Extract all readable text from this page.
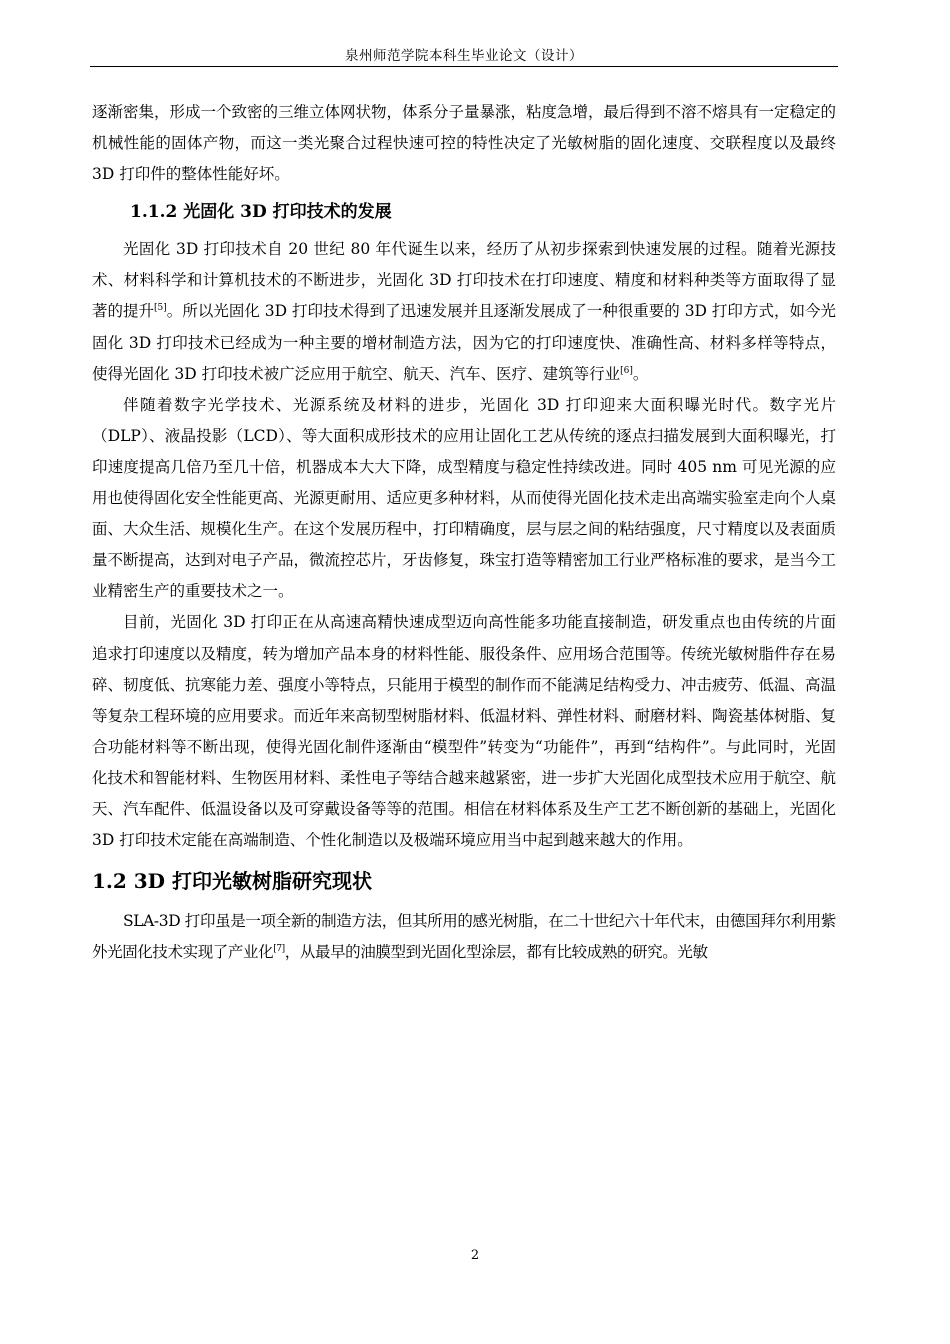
泉州师范学院本科生毕业论文（设计）

逐渐密集，形成一个致密的三维立体网状物，体系分子量暴涨，粘度急增，最后得到不溶不熔具有一定稳定的机械性能的固体产物，而这一类光聚合过程快速可控的特性决定了光敏树脂的固化速度、交联程度以及最终 3D 打印件的整体性能好坏。

1.1.2 光固化 3D 打印技术的发展

光固化 3D 打印技术自 20 世纪 80 年代诞生以来，经历了从初步探索到快速发展的过程。随着光源技术、材料科学和计算机技术的不断进步，光固化 3D 打印技术在打印速度、精度和材料种类等方面取得了显著的提升[5]。所以光固化 3D 打印技术得到了迅速发展并且逐渐发展成了一种很重要的 3D 打印方式，如今光固化 3D 打印技术已经成为一种主要的增材制造方法，因为它的打印速度快、准确性高、材料多样等特点，使得光固化 3D 打印技术被广泛应用于航空、航天、汽车、医疗、建筑等行业[6]。

伴随着数字光学技术、光源系统及材料的进步，光固化 3D 打印迎来大面积曝光时代。数字光片（DLP）、液晶投影（LCD）、等大面积成形技术的应用让固化工艺从传统的逐点扫描发展到大面积曝光，打印速度提高几倍乃至几十倍，机器成本大大下降，成型精度与稳定性持续改进。同时 405 nm 可见光源的应用也使得固化安全性能更高、光源更耐用、适应更多种材料，从而使得光固化技术走出高端实验室走向个人桌面、大众生活、规模化生产。在这个发展历程中，打印精确度，层与层之间的粘结强度，尺寸精度以及表面质量不断提高，达到对电子产品，微流控芯片，牙齿修复，珠宝打造等精密加工行业严格标准的要求，是当今工业精密生产的重要技术之一。

目前，光固化 3D 打印正在从高速高精快速成型迈向高性能多功能直接制造，研发重点也由传统的片面追求打印速度以及精度，转为增加产品本身的材料性能、服役条件、应用场合范围等。传统光敏树脂件存在易碎、韧度低、抗寒能力差、强度小等特点，只能用于模型的制作而不能满足结构受力、冲击疲劳、低温、高温等复杂工程环境的应用要求。而近年来高韧型树脂材料、低温材料、弹性材料、耐磨材料、陶瓷基体树脂、复合功能材料等不断出现，使得光固化制件逐渐由“模型件”转变为“功能件”，再到“结构件”。与此同时，光固化技术和智能材料、生物医用材料、柔性电子等结合越来越紧密，进一步扩大光固化成型技术应用于航空、航天、汽车配件、低温设备以及可穿戴设备等等的范围。相信在材料体系及生产工艺不断创新的基础上，光固化 3D 打印技术定能在高端制造、个性化制造以及极端环境应用当中起到越来越大的作用。

1.2 3D 打印光敏树脂研究现状

SLA-3D 打印虽是一项全新的制造方法，但其所用的感光树脂，在二十世纪六十年代末，由德国拜尔利用紫外光固化技术实现了产业化[7]，从最早的油膜型到光固化型涂层，都有比较成熟的研究。光敏

2
